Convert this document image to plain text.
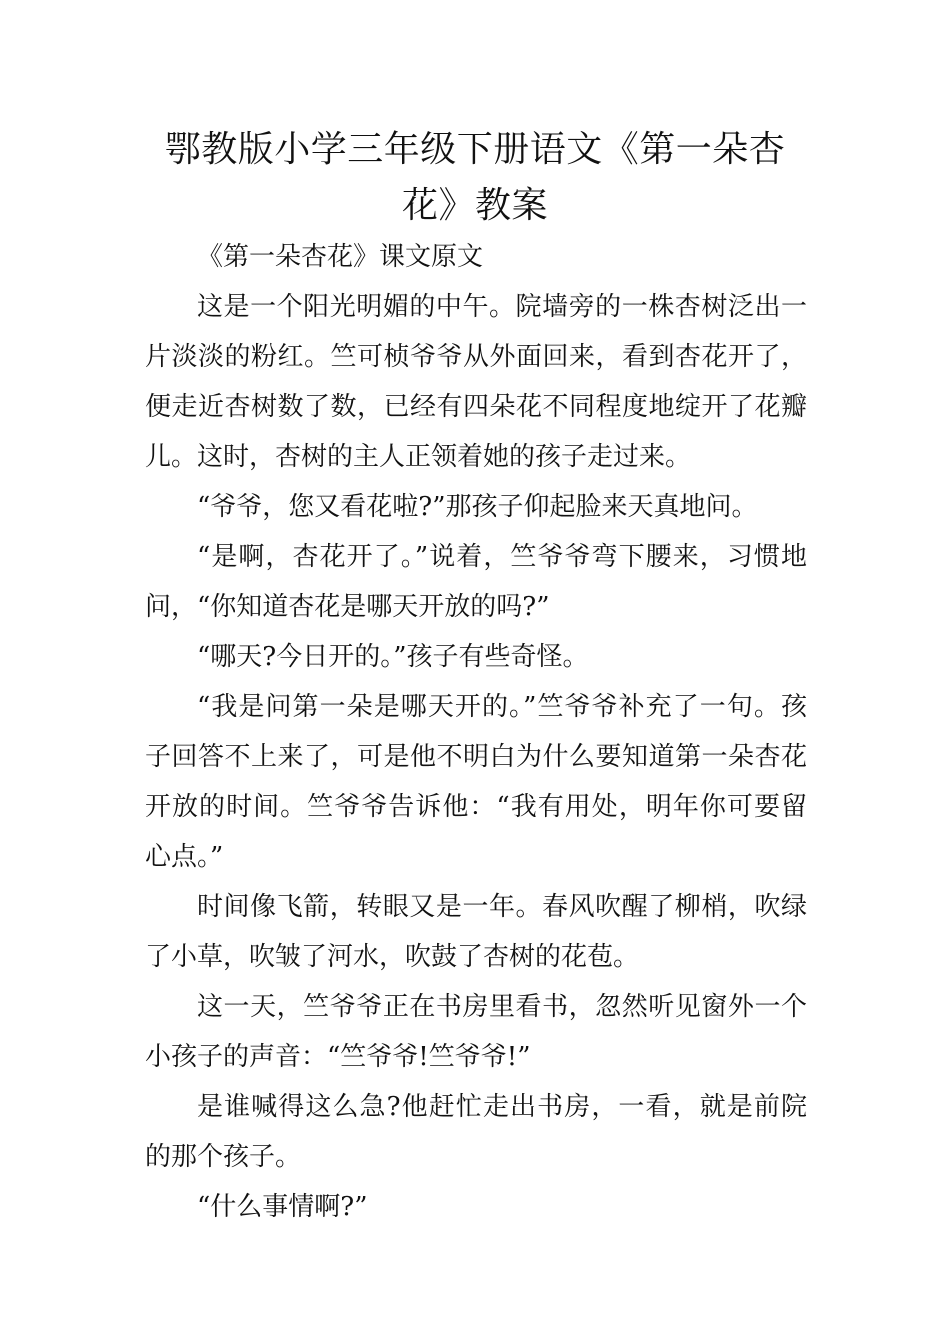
鄂教版小学三年级下册语文《第一朵杏
花》教案

《第一朵杏花》课文原文

这是一个阳光明媚的中午。院墙旁的一株杏树泛出一片淡淡的粉红。竺可桢爷爷从外面回来，看到杏花开了，便走近杏树数了数，已经有四朵花不同程度地绽开了花瓣儿。这时，杏树的主人正领着她的孩子走过来。

“爷爷，您又看花啦?”那孩子仰起脸来天真地问。

“是啊，杏花开了。”说着，竺爷爷弯下腰来，习惯地问，“你知道杏花是哪天开放的吗?”

“哪天?今日开的。”孩子有些奇怪。

“我是问第一朵是哪天开的。”竺爷爷补充了一句。孩子回答不上来了，可是他不明白为什么要知道第一朵杏花开放的时间。竺爷爷告诉他：“我有用处，明年你可要留心点。”

时间像飞箭，转眼又是一年。春风吹醒了柳梢，吹绿了小草，吹皱了河水，吹鼓了杏树的花苞。

这一天，竺爷爷正在书房里看书，忽然听见窗外一个小孩子的声音：“竺爷爷!竺爷爷!”

是谁喊得这么急?他赶忙走出书房，一看，就是前院的那个孩子。

“什么事情啊?”
